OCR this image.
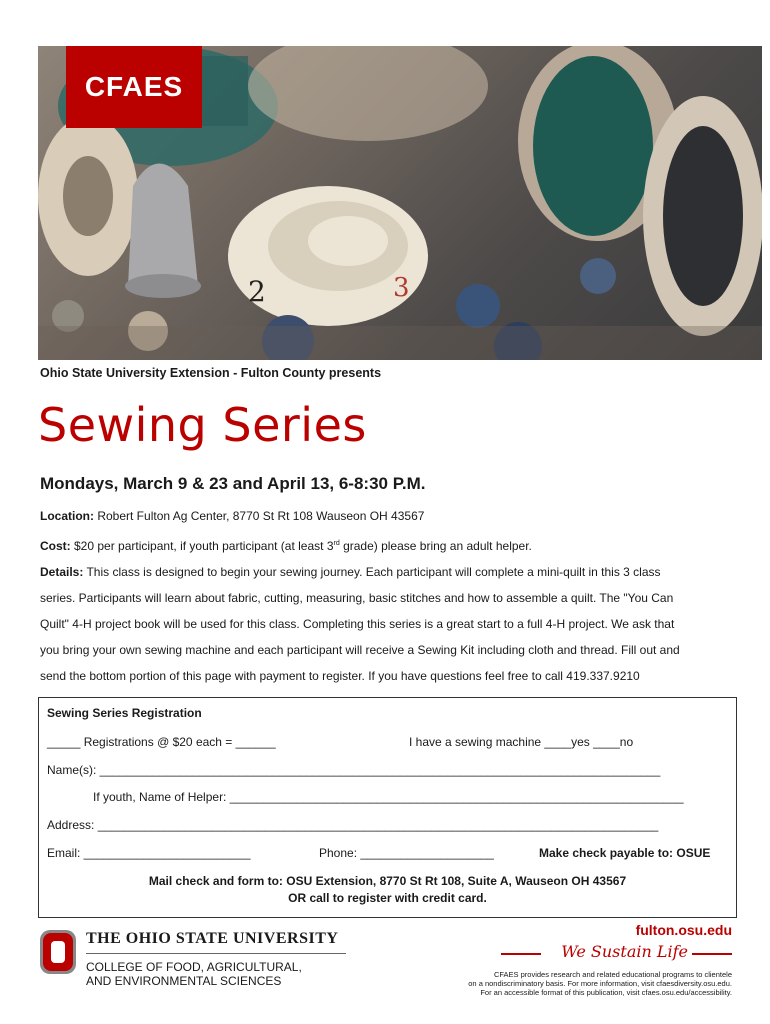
2	3
CFAES
Ohio State University Extension - Fulton County presents
Sewing Series
Mondays, March 9 & 23 and April 13, 6-8:30 P.M.
Location: Robert Fulton Ag Center, 8770 St Rt 108 Wauseon OH 43567
Cost: $20 per participant, if youth participant (at least 3rd grade) please bring an adult helper.
Details: This class is designed to begin your sewing journey. Each participant will complete a mini-quilt in this 3 class
series. Participants will learn about fabric, cutting, measuring, basic stitches and how to assemble a quilt. The "You Can
Quilt" 4-H project book will be used for this class. Completing this series is a great start to a full 4-H project. We ask that
you bring your own sewing machine and each participant will receive a Sewing Kit including cloth and thread. Fill out and
send the bottom portion of this page with payment to register. If you have questions feel free to call 419.337.9210
Sewing Series Registration
_____ Registrations @ $20 each = ______	I have a sewing machine ____yes ____no
Name(s): ____________________________________________________________________________________
If youth, Name of Helper: ____________________________________________________________________
Address: ____________________________________________________________________________________
Email: _________________________	Phone: ____________________	Make check payable to: OSUE
Mail check and form to: OSU Extension, 8770 St Rt 108, Suite A, Wauseon OH 43567
OR call to register with credit card.
THE OHIO STATE UNIVERSITY
COLLEGE OF FOOD, AGRICULTURAL,
AND ENVIRONMENTAL SCIENCES
fulton.osu.edu
We Sustain Life
CFAES provides research and related educational programs to clientele
on a nondiscriminatory basis. For more information, visit cfaesdiversity.osu.edu.
For an accessible format of this publication, visit cfaes.osu.edu/accessibility.
